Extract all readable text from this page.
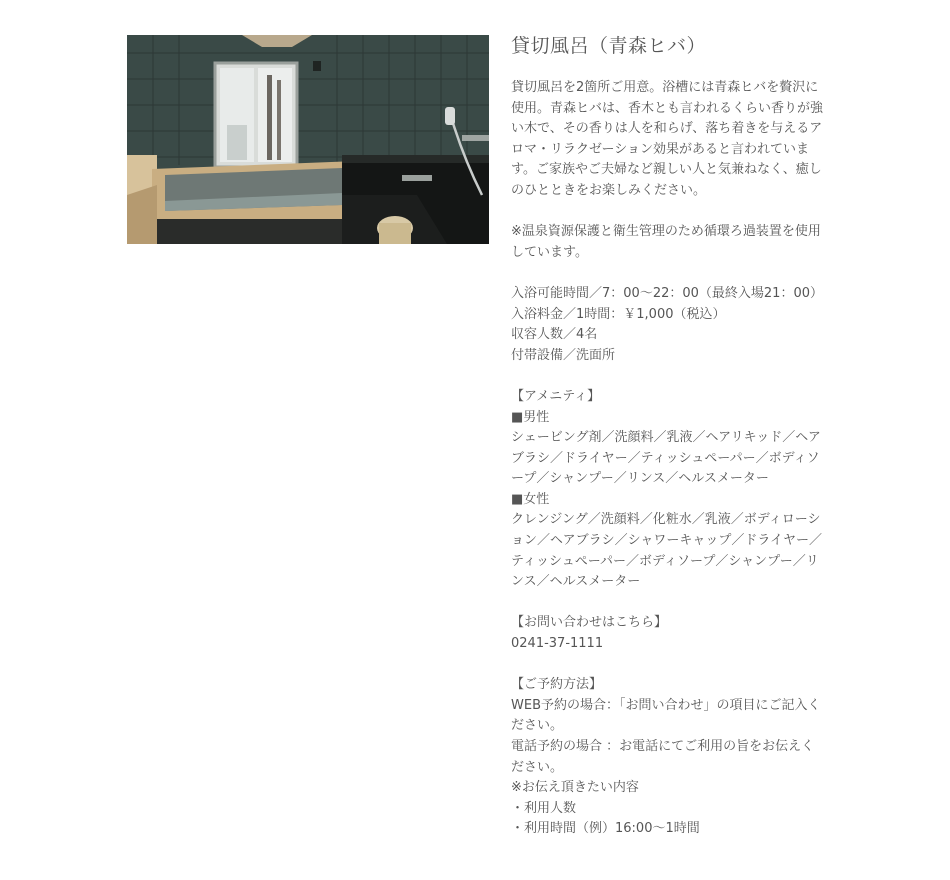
貸切風呂（青森ヒバ）
貸切風呂を2箇所ご用意。浴槽には青森ヒバを贅沢に
使用。青森ヒバは、香木とも言われるくらい香りが強
い木で、その香りは人を和らげ、落ち着きを与えるア
ロマ・リラクゼーション効果があると言われていま
す。ご家族やご夫婦など親しい人と気兼ねなく、癒し
のひとときをお楽しみください。
※温泉資源保護と衛生管理のため循環ろ過装置を使用
しています。
入浴可能時間／7：00〜22：00（最終入場21：00）
入浴料金／1時間：￥1,000（税込）
収容人数／4名
付帯設備／洗面所
【アメニティ】
■男性
シェービング剤／洗顔料／乳液／ヘアリキッド／ヘア
ブラシ／ドライヤー／ティッシュペーパー／ボディソ
ープ／シャンプー／リンス／ヘルスメーター
■女性
クレンジング／洗顔料／化粧水／乳液／ボディローシ
ョン／ヘアブラシ／シャワーキャップ／ドライヤー／
ティッシュペーパー／ボディソープ／シャンプー／リ
ンス／ヘルスメーター
【お問い合わせはこちら】
0241-37-1111
【ご予約方法】
WEB予約の場合：「お問い合わせ」の項目にご記入く
ださい。
電話予約の場合 ：お電話にてご利用の旨をお伝えく
ださい。
※お伝え頂きたい内容
・利用人数
・利用時間（例）16:00〜1時間
